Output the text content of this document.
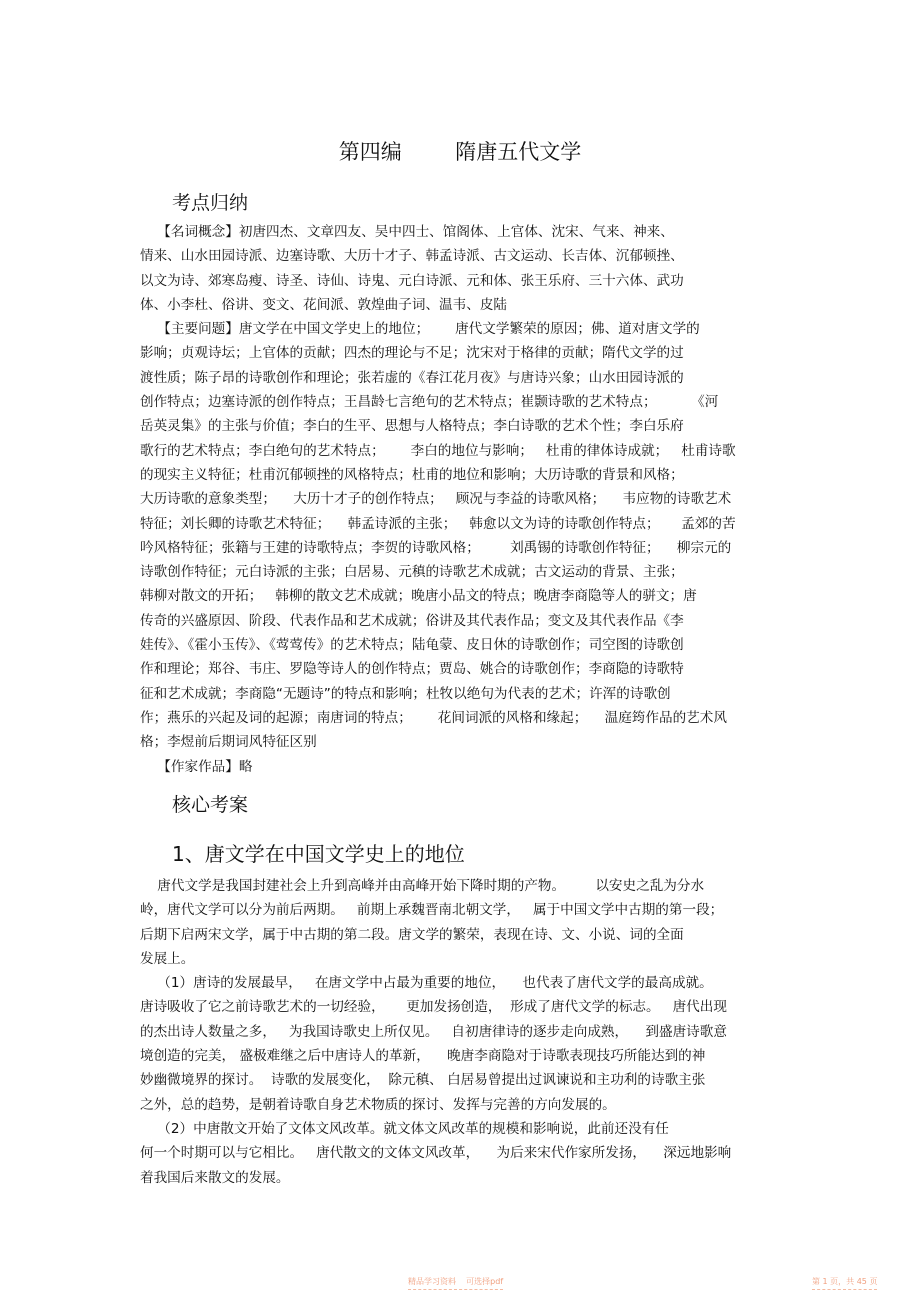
第四编        隋唐五代文学
考点归纳
【名词概念】初唐四杰、文章四友、吴中四士、馆阁体、上官体、沈宋、气来、神来、
情来、山水田园诗派、边塞诗歌、大历十才子、韩孟诗派、古文运动、长吉体、沉郁顿挫、
以文为诗、郊寒岛瘦、诗圣、诗仙、诗鬼、元白诗派、元和体、张王乐府、三十六体、武功
体、小李杜、俗讲、变文、花间派、敦煌曲子词、温韦、皮陆
【主要问题】唐文学在中国文学史上的地位；      唐代文学繁荣的原因；佛、道对唐文学的
影响；贞观诗坛；上官体的贡献；四杰的理论与不足；沈宋对于格律的贡献；隋代文学的过
渡性质；陈子昂的诗歌创作和理论；张若虚的《春江花月夜》与唐诗兴象；山水田园诗派的
创作特点；边塞诗派的创作特点；王昌龄七言绝句的艺术特点；崔颢诗歌的艺术特点；        《河
岳英灵集》的主张与价值；李白的生平、思想与人格特点；李白诗歌的艺术个性；李白乐府
歌行的艺术特点；李白绝句的艺术特点；      李白的地位与影响；   杜甫的律体诗成就；   杜甫诗歌
的现实主义特征；杜甫沉郁顿挫的风格特点；杜甫的地位和影响；大历诗歌的背景和风格；
大历诗歌的意象类型；    大历十才子的创作特点；   顾况与李益的诗歌风格；    韦应物的诗歌艺术
特征；刘长卿的诗歌艺术特征；    韩孟诗派的主张；   韩愈以文为诗的诗歌创作特点；     孟郊的苦
吟风格特征；张籍与王建的诗歌特点；李贺的诗歌风格；       刘禹锡的诗歌创作特征；    柳宗元的
诗歌创作特征；元白诗派的主张；白居易、元稹的诗歌艺术成就；古文运动的背景、主张；
韩柳对散文的开拓；   韩柳的散文艺术成就；晚唐小品文的特点；晚唐李商隐等人的骈文；唐
传奇的兴盛原因、阶段、代表作品和艺术成就；俗讲及其代表作品；变文及其代表作品《李
娃传》、《霍小玉传》、《莺莺传》的艺术特点；陆龟蒙、皮日休的诗歌创作；司空图的诗歌创
作和理论；郑谷、韦庄、罗隐等诗人的创作特点；贾岛、姚合的诗歌创作；李商隐的诗歌特
征和艺术成就；李商隐“无题诗”的特点和影响；杜牧以绝句为代表的艺术；许浑的诗歌创
作；燕乐的兴起及词的起源；南唐词的特点；      花间词派的风格和缘起；    温庭筠作品的艺术风
格；李煜前后期词风特征区别
【作家作品】略
核心考案
1、唐文学在中国文学史上的地位
唐代文学是我国封建社会上升到高峰并由高峰开始下降时期的产物。       以安史之乱为分水
岭，唐代文学可以分为前后两期。   前期上承魏晋南北朝文学，   属于中国文学中古期的第一段；
后期下启两宋文学，属于中古期的第二段。唐文学的繁荣，表现在诗、文、小说、词的全面
发展上。
（1）唐诗的发展最早，   在唐文学中占最为重要的地位，    也代表了唐代文学的最高成就。
唐诗吸收了它之前诗歌艺术的一切经验，     更加发扬创造，  形成了唐代文学的标志。   唐代出现
的杰出诗人数量之多，   为我国诗歌史上所仅见。   自初唐律诗的逐步走向成熟，    到盛唐诗歌意
境创造的完美， 盛极难继之后中唐诗人的革新，    晚唐李商隐对于诗歌表现技巧所能达到的神
妙幽微境界的探讨。  诗歌的发展变化，  除元稹、 白居易曾提出过讽谏说和主功利的诗歌主张
之外，总的趋势，是朝着诗歌自身艺术物质的探讨、发挥与完善的方向发展的。
（2）中唐散文开始了文体文风改革。就文体文风改革的规模和影响说，此前还没有任
何一个时期可以与它相比。   唐代散文的文体文风改革，    为后来宋代作家所发扬，    深远地影响
着我国后来散文的发展。
精品学习资料    可选择pdf	第 1 页，共 45 页
